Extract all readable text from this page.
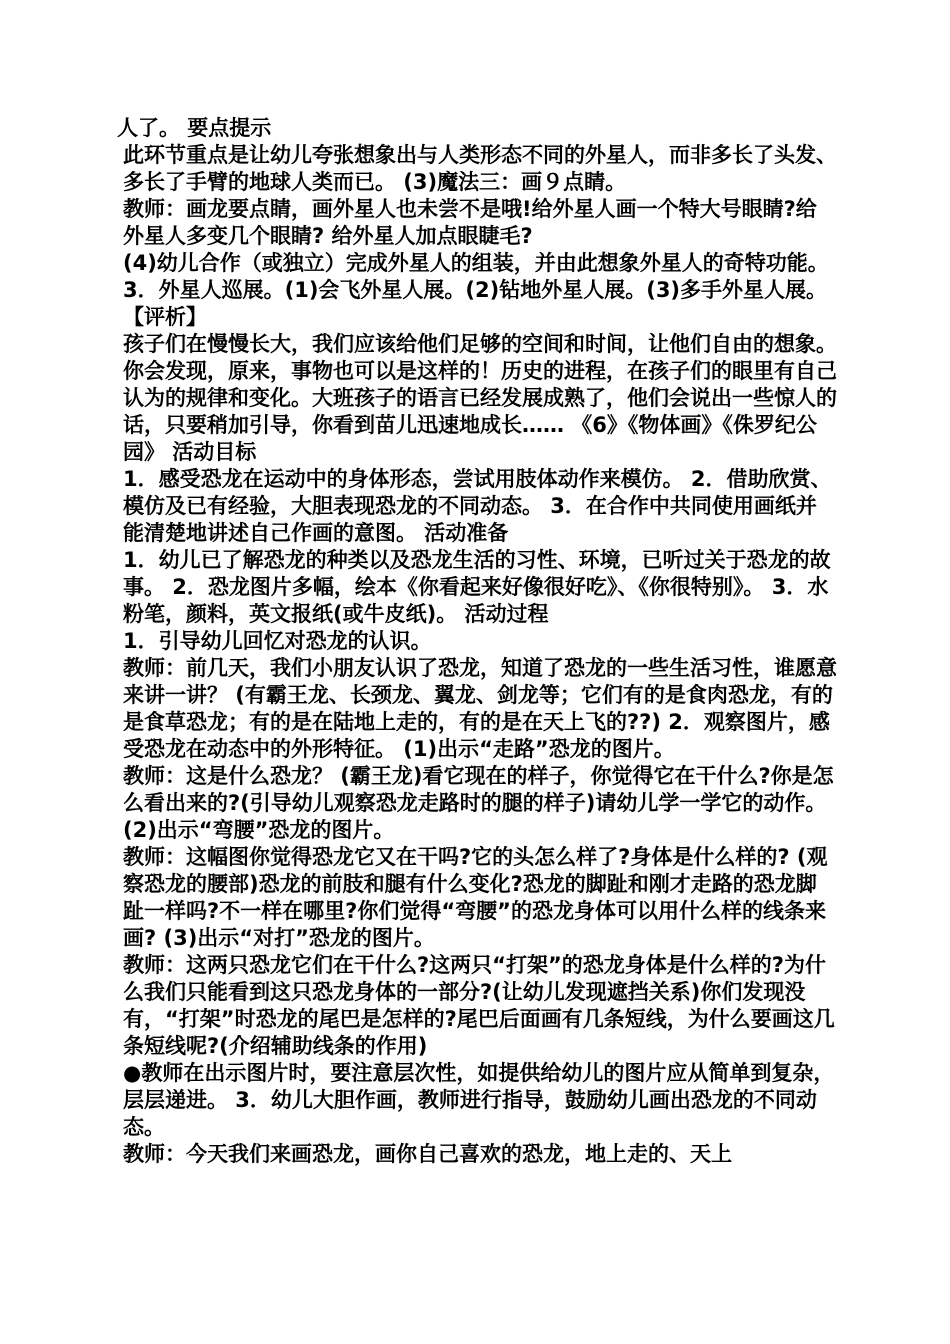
人了。 要点提示

此环节重点是让幼儿夸张想象出与人类形态不同的外星人，而非多长了头发、多长了手臂的地球人类而已。 (3)魔法三：画９点睛。

教师：画龙要点睛，画外星人也未尝不是哦!给外星人画一个特大号眼睛?给外星人多变几个眼睛? 给外星人加点眼睫毛?

(4)幼儿合作（或独立）完成外星人的组装，并由此想象外星人的奇特功能。 3．外星人巡展。(1)会飞外星人展。(2)钻地外星人展。(3)多手外星人展。 【评析】

孩子们在慢慢长大，我们应该给他们足够的空间和时间，让他们自由的想象。你会发现，原来，事物也可以是这样的！历史的进程，在孩子们的眼里有自己认为的规律和变化。大班孩子的语言已经发展成熟了，他们会说出一些惊人的话，只要稍加引导，你看到苗儿迅速地成长…… 《6》《物体画》《侏罗纪公园》 活动目标

1．感受恐龙在运动中的身体形态，尝试用肢体动作来模仿。 2．借助欣赏、模仿及已有经验，大胆表现恐龙的不同动态。 3．在合作中共同使用画纸并能清楚地讲述自己作画的意图。 活动准备

1．幼儿已了解恐龙的种类以及恐龙生活的习性、环境，已听过关于恐龙的故事。 2．恐龙图片多幅，绘本《你看起来好像很好吃》、《你很特别》。 3．水粉笔，颜料，英文报纸(或牛皮纸)。 活动过程

1．引导幼儿回忆对恐龙的认识。

教师：前几天，我们小朋友认识了恐龙，知道了恐龙的一些生活习性，谁愿意来讲一讲？ (有霸王龙、长颈龙、翼龙、剑龙等；它们有的是食肉恐龙，有的是食草恐龙；有的是在陆地上走的，有的是在天上飞的??) 2．观察图片，感受恐龙在动态中的外形特征。 (1)出示“走路”恐龙的图片。

教师：这是什么恐龙？ (霸王龙)看它现在的样子，你觉得它在干什么?你是怎么看出来的?(引导幼儿观察恐龙走路时的腿的样子)请幼儿学一学它的动作。 (2)出示“弯腰”恐龙的图片。

教师：这幅图你觉得恐龙它又在干吗?它的头怎么样了?身体是什么样的? (观察恐龙的腰部)恐龙的前肢和腿有什么变化?恐龙的脚趾和刚才走路的恐龙脚趾一样吗?不一样在哪里?你们觉得“弯腰”的恐龙身体可以用什么样的线条来画? (3)出示“对打”恐龙的图片。

教师：这两只恐龙它们在干什么?这两只“打架”的恐龙身体是什么样的?为什么我们只能看到这只恐龙身体的一部分?(让幼儿发现遮挡关系)你们发现没有，“打架”时恐龙的尾巴是怎样的?尾巴后面画有几条短线，为什么要画这几条短线呢?(介绍辅助线条的作用)

●教师在出示图片时，要注意层次性，如提供给幼儿的图片应从简单到复杂，层层递进。 3．幼儿大胆作画，教师进行指导，鼓励幼儿画出恐龙的不同动态。

教师：今天我们来画恐龙，画你自己喜欢的恐龙，地上走的、天上
